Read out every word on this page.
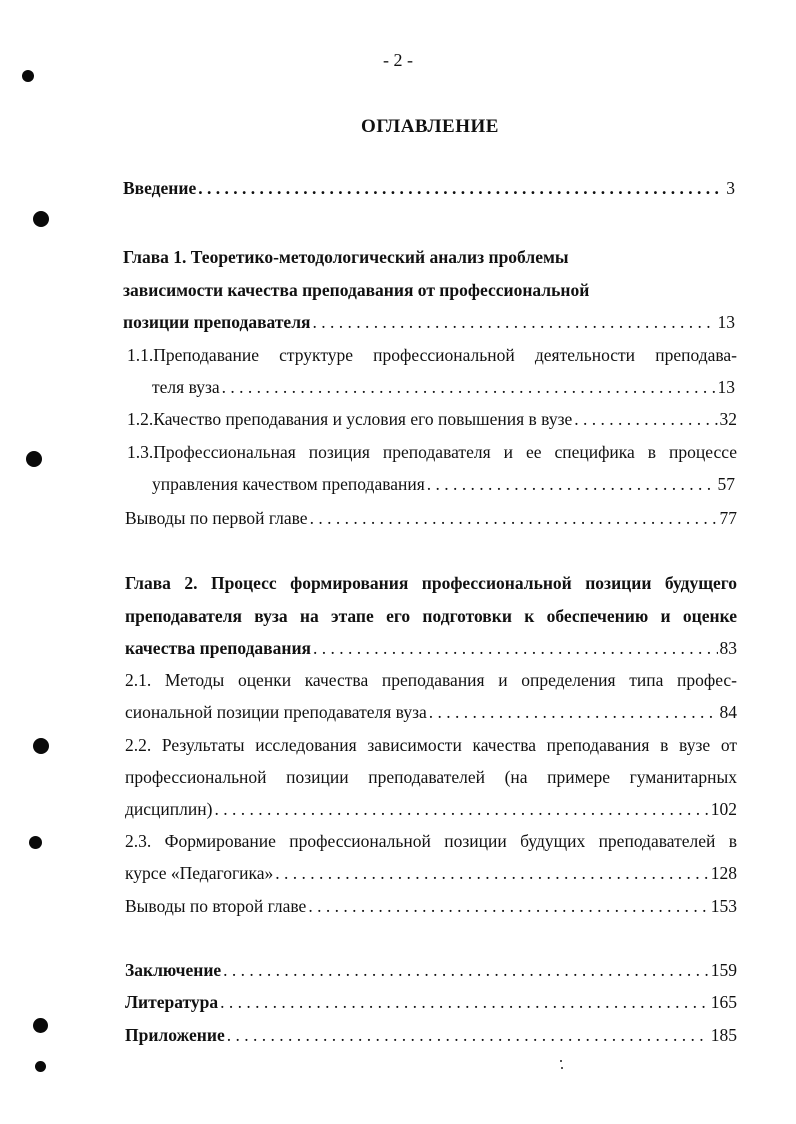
- 2 -
ОГЛАВЛЕНИЕ
Введение . . .	3
Глава 1. Теоретико-методологический анализ проблемы
зависимости качества преподавания от профессиональной
позиции преподавателя . . .	13
1.1.Преподавание структуре профессиональной деятельности преподава-
теля вуза . . .	13
1.2.Качество преподавания и условия его повышения в вузе . . .	32
1.3.Профессиональная позиция преподавателя и ее специфика в процессе
управления качеством преподавания . . .	57
Выводы по первой главе . . .	77
Глава 2. Процесс формирования профессиональной позиции будущего
преподавателя вуза на этапе его подготовки к обеспечению и оценке
качества преподавания . . .	83
2.1. Методы оценки качества преподавания и определения типа профес-
сиональной позиции преподавателя вуза . . .	84
2.2. Результаты исследования зависимости качества преподавания в вузе от
профессиональной позиции преподавателей (на примере гуманитарных
дисциплин) . . .	102
2.3. Формирование профессиональной позиции будущих преподавателей в
курсе «Педагогика» . . .	128
Выводы по второй главе . . .	153
Заключение . . .	159
Литература . . .	165
Приложение . . .	185
